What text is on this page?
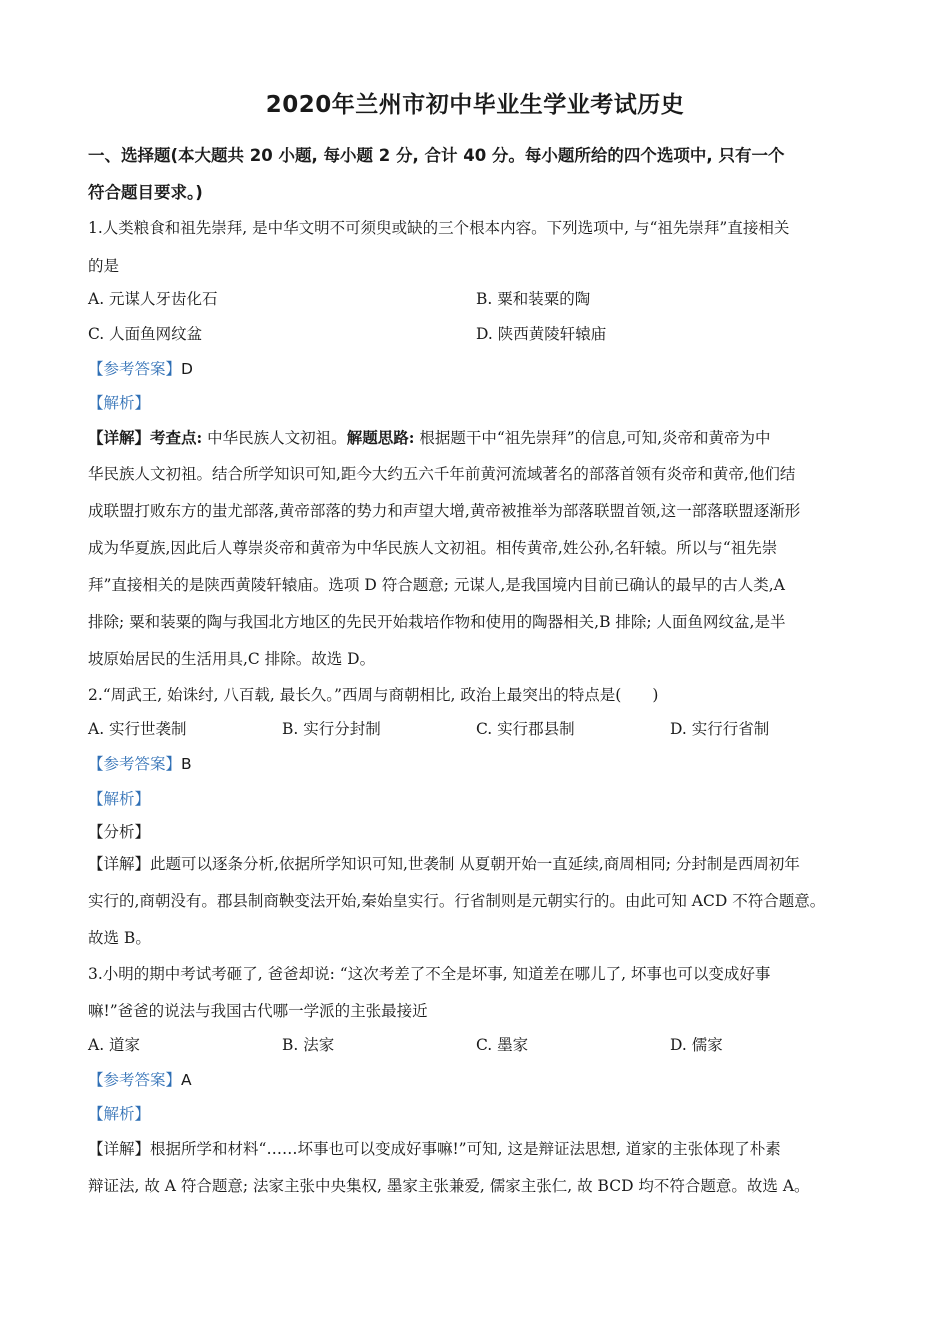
2020年兰州市初中毕业生学业考试历史
一、选择题(本大题共 20 小题, 每小题 2 分, 合计 40 分。每小题所给的四个选项中, 只有一个
符合题目要求。)
1.人类粮食和祖先崇拜, 是中华文明不可须臾或缺的三个根本内容。下列选项中, 与“祖先崇拜”直接相关
的是
A. 元谋人牙齿化石	B. 粟和装粟的陶
C. 人面鱼网纹盆	D. 陕西黄陵轩辕庙
【参考答案】D
【解析】
【详解】考查点: 中华民族人文初祖。解题思路: 根据题干中“祖先崇拜”的信息,可知,炎帝和黄帝为中
华民族人文初祖。结合所学知识可知,距今大约五六千年前黄河流域著名的部落首领有炎帝和黄帝,他们结
成联盟打败东方的蚩尤部落,黄帝部落的势力和声望大增,黄帝被推举为部落联盟首领,这一部落联盟逐渐形
成为华夏族,因此后人尊崇炎帝和黄帝为中华民族人文初祖。相传黄帝,姓公孙,名轩辕。所以与“祖先崇
拜”直接相关的是陕西黄陵轩辕庙。选项 D 符合题意; 元谋人,是我国境内目前已确认的最早的古人类,A
排除; 粟和装粟的陶与我国北方地区的先民开始栽培作物和使用的陶器相关,B 排除; 人面鱼网纹盆,是半
坡原始居民的生活用具,C 排除。故选 D。
2.“周武王, 始诛纣, 八百载, 最长久。”西周与商朝相比, 政治上最突出的特点是(　　)
A. 实行世袭制	B. 实行分封制	C. 实行郡县制	D. 实行行省制
【参考答案】B
【解析】
【分析】
【详解】此题可以逐条分析,依据所学知识可知,世袭制 从夏朝开始一直延续,商周相同; 分封制是西周初年
实行的,商朝没有。郡县制商鞅变法开始,秦始皇实行。行省制则是元朝实行的。由此可知 ACD 不符合题意。
故选 B。
3.小明的期中考试考砸了, 爸爸却说: “这次考差了不全是坏事, 知道差在哪儿了, 坏事也可以变成好事
嘛!”爸爸的说法与我国古代哪一学派的主张最接近
A. 道家	B. 法家	C. 墨家	D. 儒家
【参考答案】A
【解析】
【详解】根据所学和材料“……坏事也可以变成好事嘛!”可知, 这是辩证法思想, 道家的主张体现了朴素
辩证法, 故 A 符合题意; 法家主张中央集权, 墨家主张兼爱, 儒家主张仁, 故 BCD 均不符合题意。故选 A。
